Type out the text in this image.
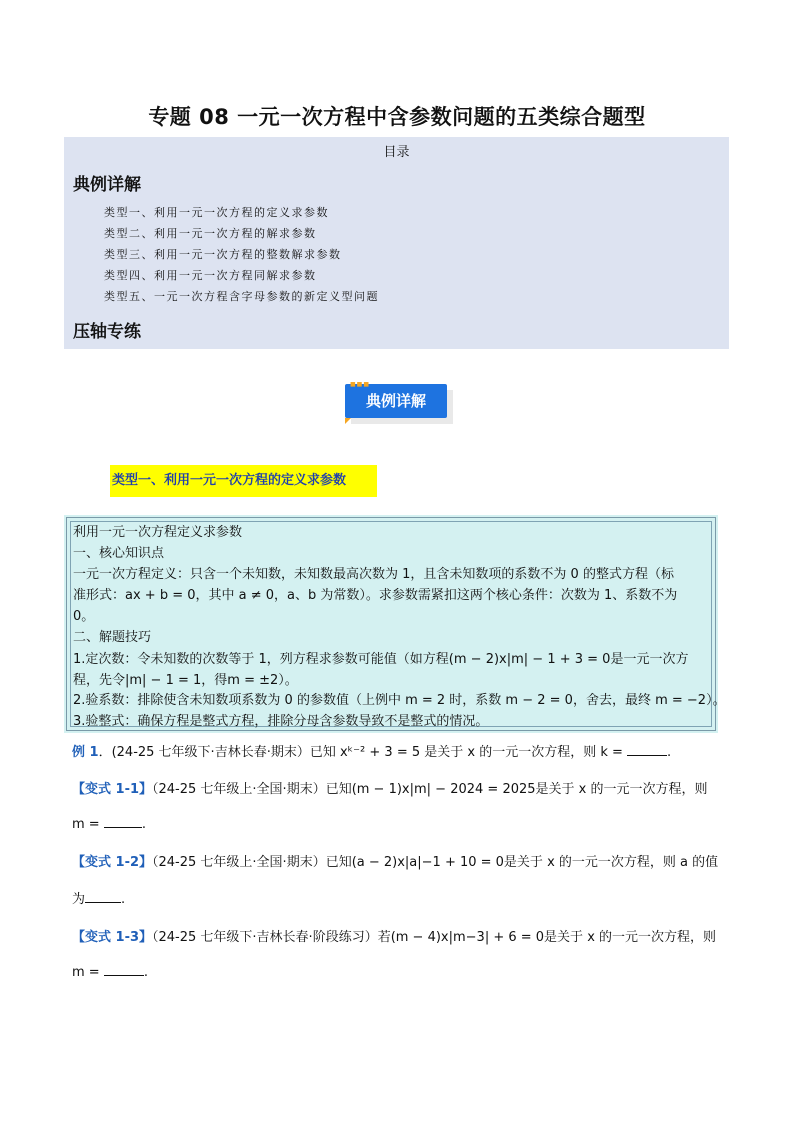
专题 08 一元一次方程中含参数问题的五类综合题型
目录
典例详解
类型一、利用一元一次方程的定义求参数
类型二、利用一元一次方程的解求参数
类型三、利用一元一次方程的整数解求参数
类型四、利用一元一次方程同解求参数
类型五、一元一次方程含字母参数的新定义型问题
压轴专练
典例详解
■■■
类型一、利用一元一次方程的定义求参数
利用一元一次方程定义求参数
一、核心知识点
一元一次方程定义：只含一个未知数，未知数最高次数为 1，且含未知数项的系数不为 0 的整式方程（标
准形式：ax + b = 0，其中 a ≠ 0，a、b 为常数）。求参数需紧扣这两个核心条件：次数为 1、系数不为
0。
二、解题技巧
1.定次数：令未知数的次数等于 1，列方程求参数可能值（如方程(m − 2)x|m| − 1 + 3 = 0是一元一次方
程，先令|m| − 1 = 1，得m = ±2）。
2.验系数：排除使含未知数项系数为 0 的参数值（上例中 m = 2 时，系数 m − 2 = 0，舍去，最终 m = −2）。
3.验整式：确保方程是整式方程，排除分母含参数导致不是整式的情况。
例 1．(24-25 七年级下·吉林长春·期末）已知 xᵏ⁻² + 3 = 5 是关于 x 的一元一次方程，则 k =	.
【变式 1-1】（24-25 七年级上·全国·期末）已知(m − 1)x|m| − 2024 = 2025是关于 x 的一元一次方程，则
m =	.
【变式 1-2】（24-25 七年级上·全国·期末）已知(a − 2)x|a|−1 + 10 = 0是关于 x 的一元一次方程，则 a 的值
为	.
【变式 1-3】（24-25 七年级下·吉林长春·阶段练习）若(m − 4)x|m−3| + 6 = 0是关于 x 的一元一次方程，则
m =	.
